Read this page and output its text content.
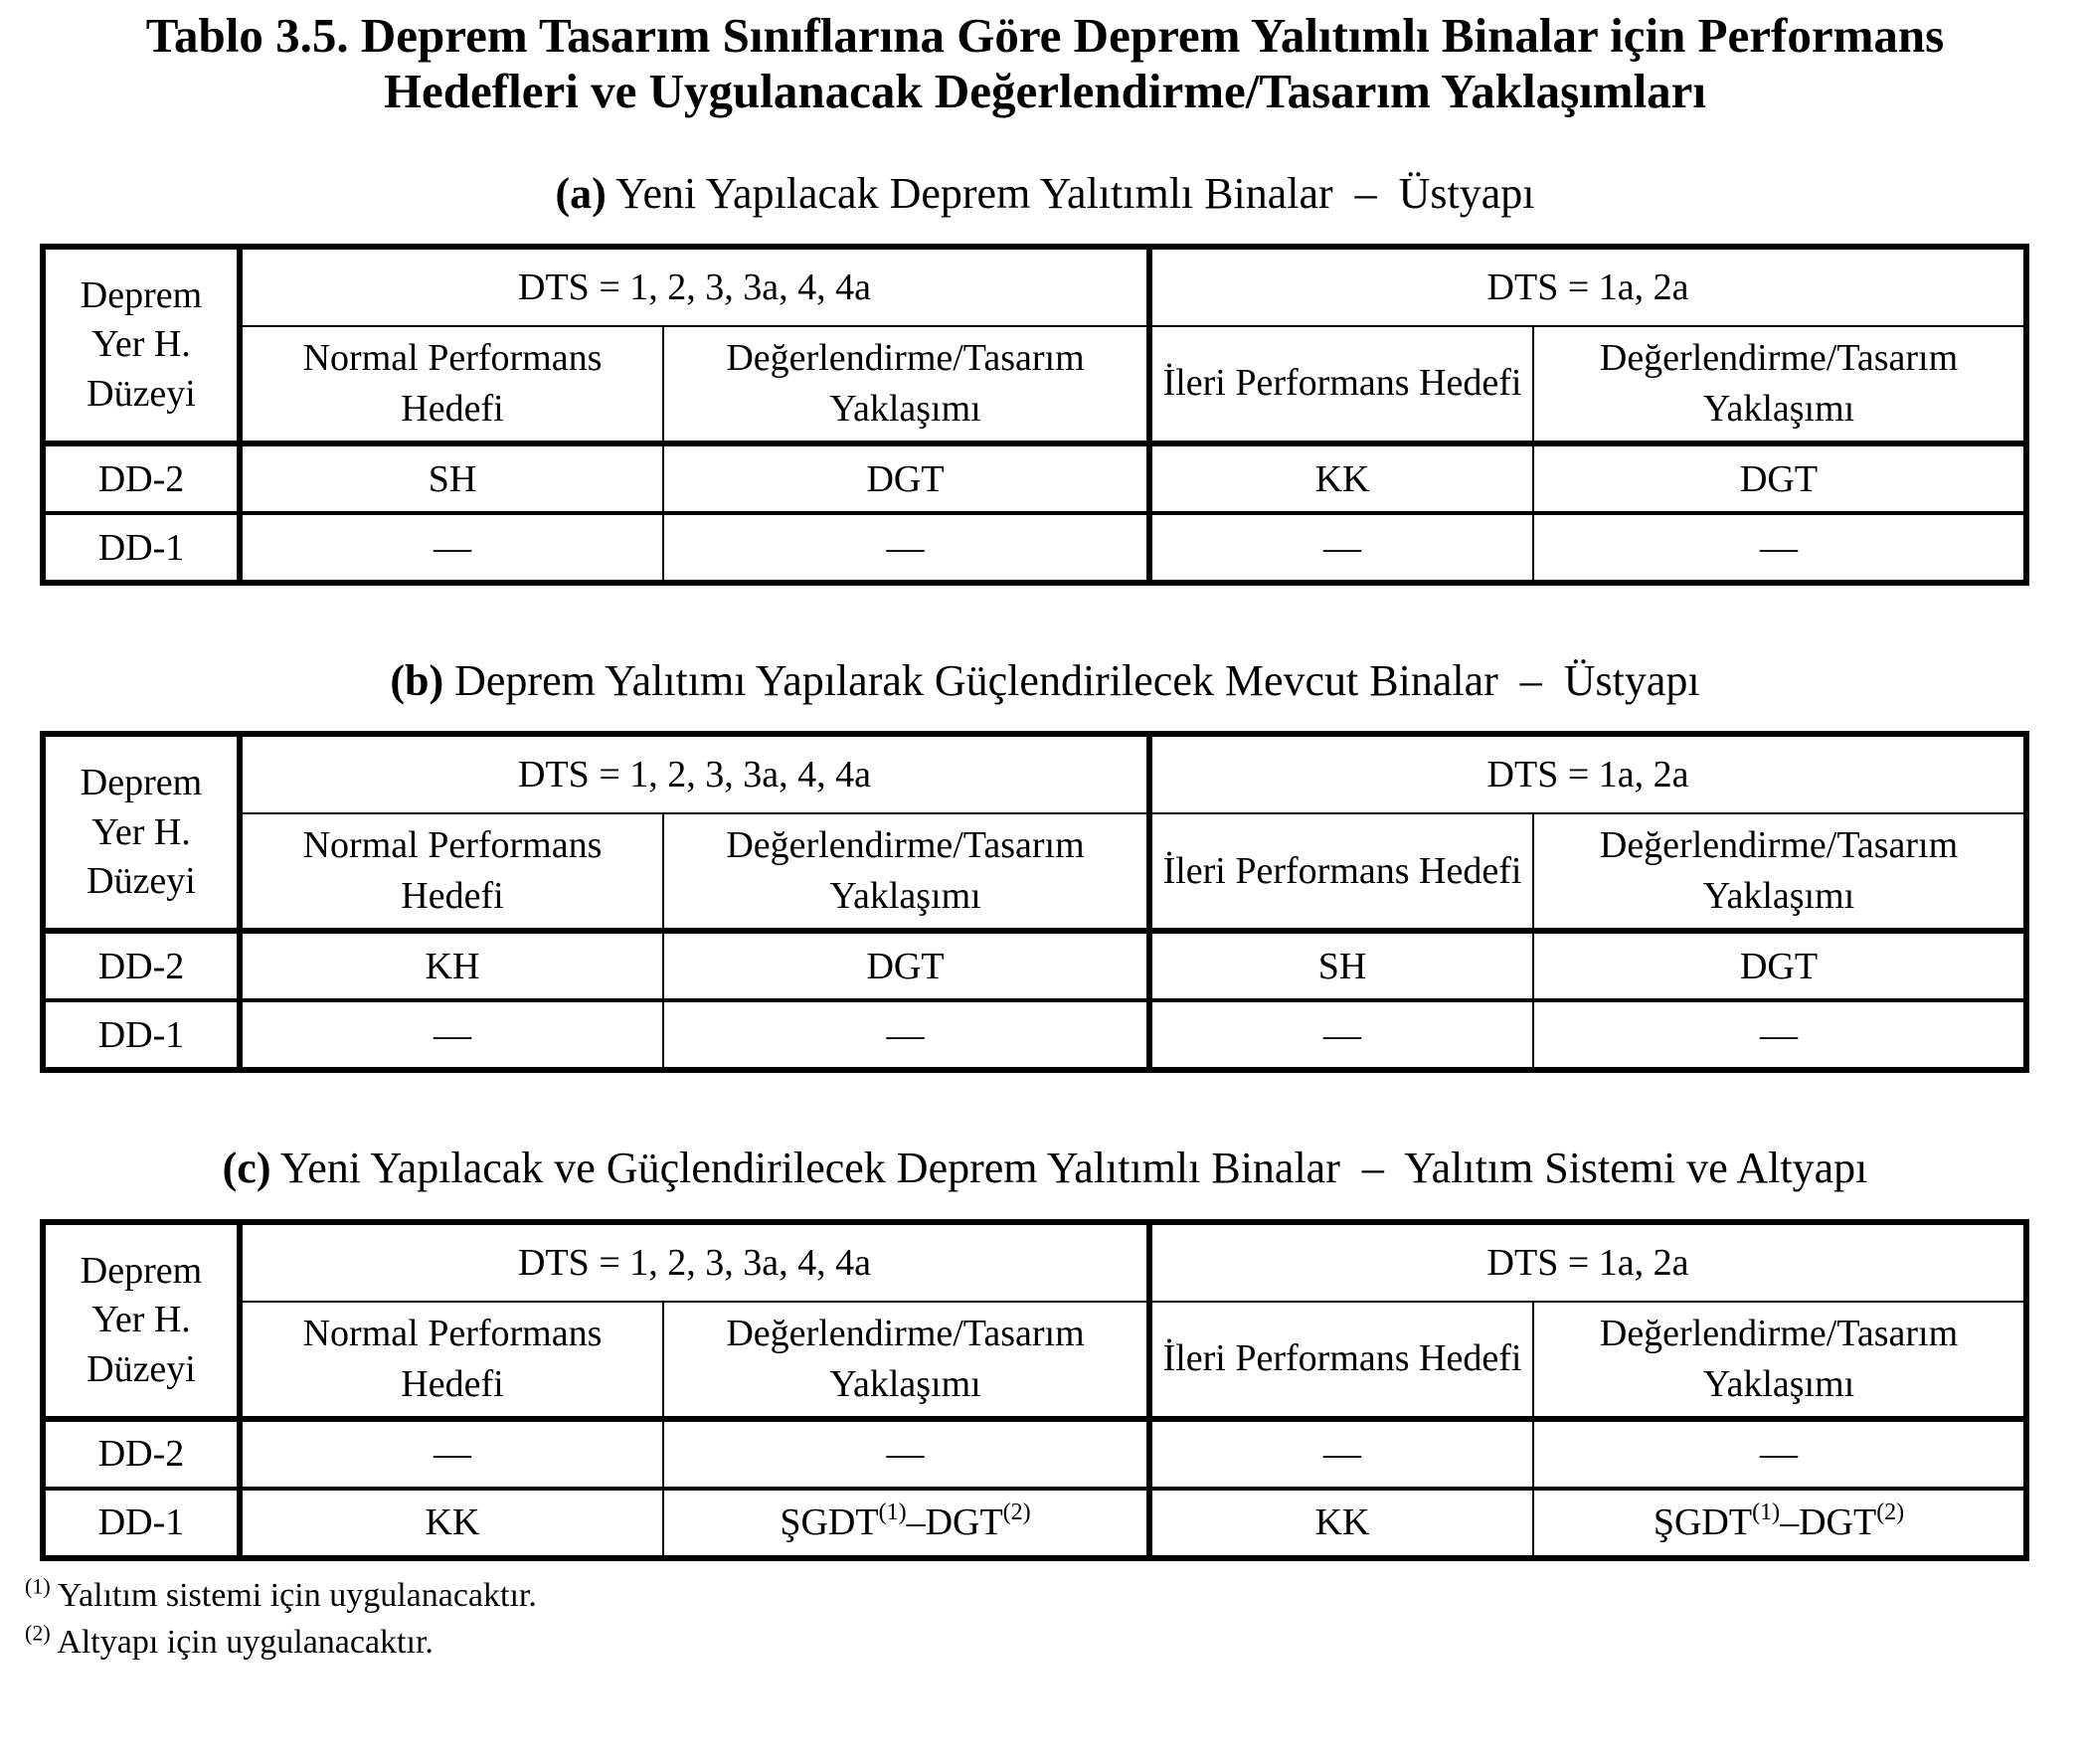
Tablo 3.5. Deprem Tasarım Sınıflarına Göre Deprem Yalıtımlı Binalar için Performans
Hedefleri ve Uygulanacak Değerlendirme/Tasarım Yaklaşımları
(a) Yeni Yapılacak Deprem Yalıtımlı Binalar  –  Üstyapı
Deprem Yer H. Düzeyi	DTS = 1, 2, 3, 3a, 4, 4a		DTS = 1a, 2a	
	Normal Performans Hedefi	Değerlendirme/Tasarım Yaklaşımı	İleri Performans Hedefi	Değerlendirme/Tasarım Yaklaşımı
DD-2	SH	DGT	KK	DGT
DD-1	—	—	—	—
(b) Deprem Yalıtımı Yapılarak Güçlendirilecek Mevcut Binalar  –  Üstyapı
Deprem Yer H. Düzeyi	DTS = 1, 2, 3, 3a, 4, 4a		DTS = 1a, 2a	
	Normal Performans Hedefi	Değerlendirme/Tasarım Yaklaşımı	İleri Performans Hedefi	Değerlendirme/Tasarım Yaklaşımı
DD-2	KH	DGT	SH	DGT
DD-1	—	—	—	—
(c) Yeni Yapılacak ve Güçlendirilecek Deprem Yalıtımlı Binalar  –  Yalıtım Sistemi ve Altyapı
Deprem Yer H. Düzeyi	DTS = 1, 2, 3, 3a, 4, 4a		DTS = 1a, 2a	
	Normal Performans Hedefi	Değerlendirme/Tasarım Yaklaşımı	İleri Performans Hedefi	Değerlendirme/Tasarım Yaklaşımı
DD-2	—	—	—	—
DD-1	KK	ŞGDT$^{(1)}$–DGT$^{(2)}$	KK	ŞGDT$^{(1)}$–DGT$^{(2)}$
$^{(1)}$ Yalıtım sistemi için uygulanacaktır.
$^{(2)}$ Altyapı için uygulanacaktır.
